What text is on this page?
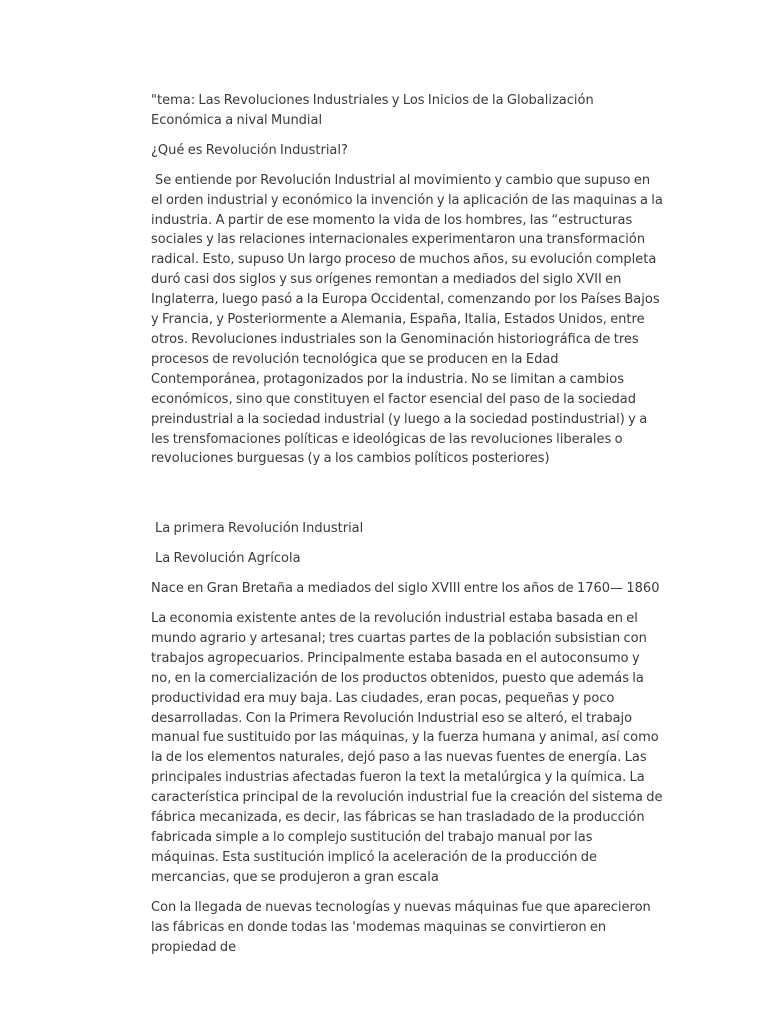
"tema: Las Revoluciones Industriales y Los Inicios de la Globalización Económica a nival Mundial

¿Qué es Revolución Industrial?

Se entiende por Revolución Industrial al movimiento y cambio que supuso en el orden industrial y económico la invención y la aplicación de las maquinas a la industria. A partir de ese momento la vida de los hombres, las “estructuras sociales y las relaciones internacionales experimentaron una transformación radical. Esto, supuso Un largo proceso de muchos años, su evolución completa duró casi dos siglos y sus orígenes remontan a mediados del siglo XVII en Inglaterra, luego pasó a la Europa Occidental, comenzando por los Países Bajos y Francia, y Posteriormente a Alemania, España, Italia, Estados Unidos, entre otros. Revoluciones industriales son la Genominación historiográfica de tres procesos de revolución tecnológica que se producen en la Edad Contemporánea, protagonizados por la industria. No se limitan a cambios económicos, sino que constituyen el factor esencial del paso de la sociedad preindustrial a la sociedad industrial (y luego a la sociedad postindustrial) y a les trensfomaciones políticas e ideológicas de las revoluciones liberales o revoluciones burguesas (y a los cambios políticos posteriores)

La primera Revolución Industrial

La Revolución Agrícola

Nace en Gran Bretaña a mediados del siglo XVIII entre los años de 1760— 1860

La economia existente antes de la revolución industrial estaba basada en el mundo agrario y artesanal; tres cuartas partes de la población subsistian con trabajos agropecuarios. Principalmente estaba basada en el autoconsumo y no, en la comercialización de los productos obtenidos, puesto que además la productividad era muy baja. Las ciudades, eran pocas, pequeñas y poco desarrolladas. Con la Primera Revolución Industrial eso se alteró, el trabajo manual fue sustituido por las máquinas, y la fuerza humana y animal, así como la de los elementos naturales, dejó paso a las nuevas fuentes de energía. Las principales industrias afectadas fueron la text la metalúrgica y la química. La característica principal de la revolución industrial fue la creación del sistema de fábrica mecanizada, es decir, las fábricas se han trasladado de la producción fabricada simple a lo complejo sustitución del trabajo manual por las máquinas. Esta sustitución implicó la aceleración de la producción de mercancias, que se produjeron a gran escala

Con la llegada de nuevas tecnologías y nuevas máquinas fue que aparecieron las fábricas en donde todas las 'modemas maquinas se convirtieron en propiedad de
